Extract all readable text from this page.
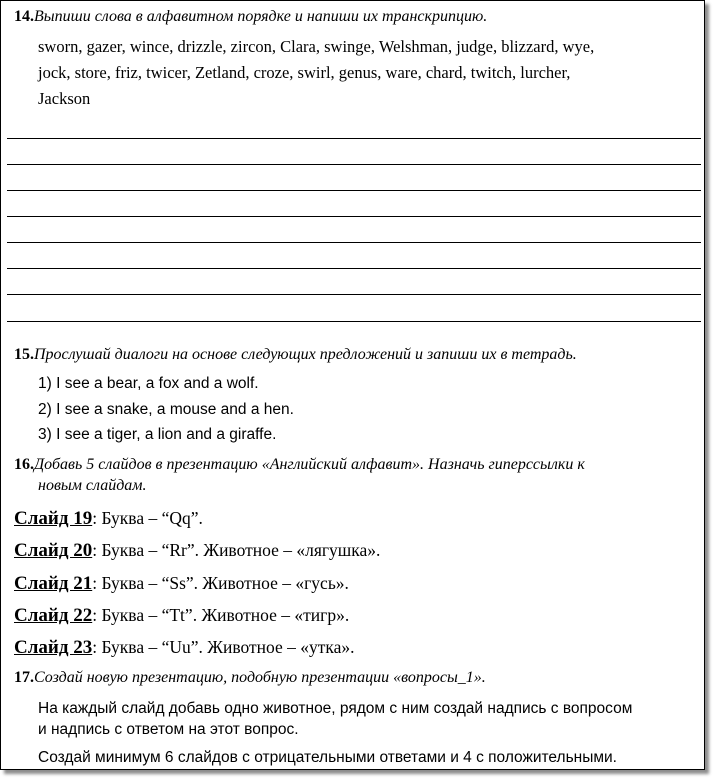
14.Выпиши слова в алфавитном порядке и напиши их транскрипцию.
sworn, gazer, wince, drizzle, zircon, Clara, swinge, Welshman, judge, blizzard, wye,
jock, store, friz, twicer, Zetland, croze, swirl, genus, ware, chard, twitch, lurcher,
Jackson
15.Прослушай диалоги на основе следующих предложений и запиши их в тетрадь.
1) I see a bear, a fox and a wolf.
2) I see a snake, a mouse and a hen.
3) I see a tiger, a lion and a giraffe.
16.Добавь 5 слайдов в презентацию «Английский алфавит». Назначь гиперссылки к
новым слайдам.
Слайд 19: Буква – “Qq”.
Слайд 20: Буква – “Rr”. Животное – «лягушка».
Слайд 21: Буква – “Ss”. Животное – «гусь».
Слайд 22: Буква – “Tt”. Животное – «тигр».
Слайд 23: Буква – “Uu”. Животное – «утка».
17.Создай новую презентацию, подобную презентации «вопросы_1».
На каждый слайд добавь одно животное, рядом с ним создай надпись с вопросом
и надпись с ответом на этот вопрос.
Создай минимум 6 слайдов с отрицательными ответами и 4 с положительными.
